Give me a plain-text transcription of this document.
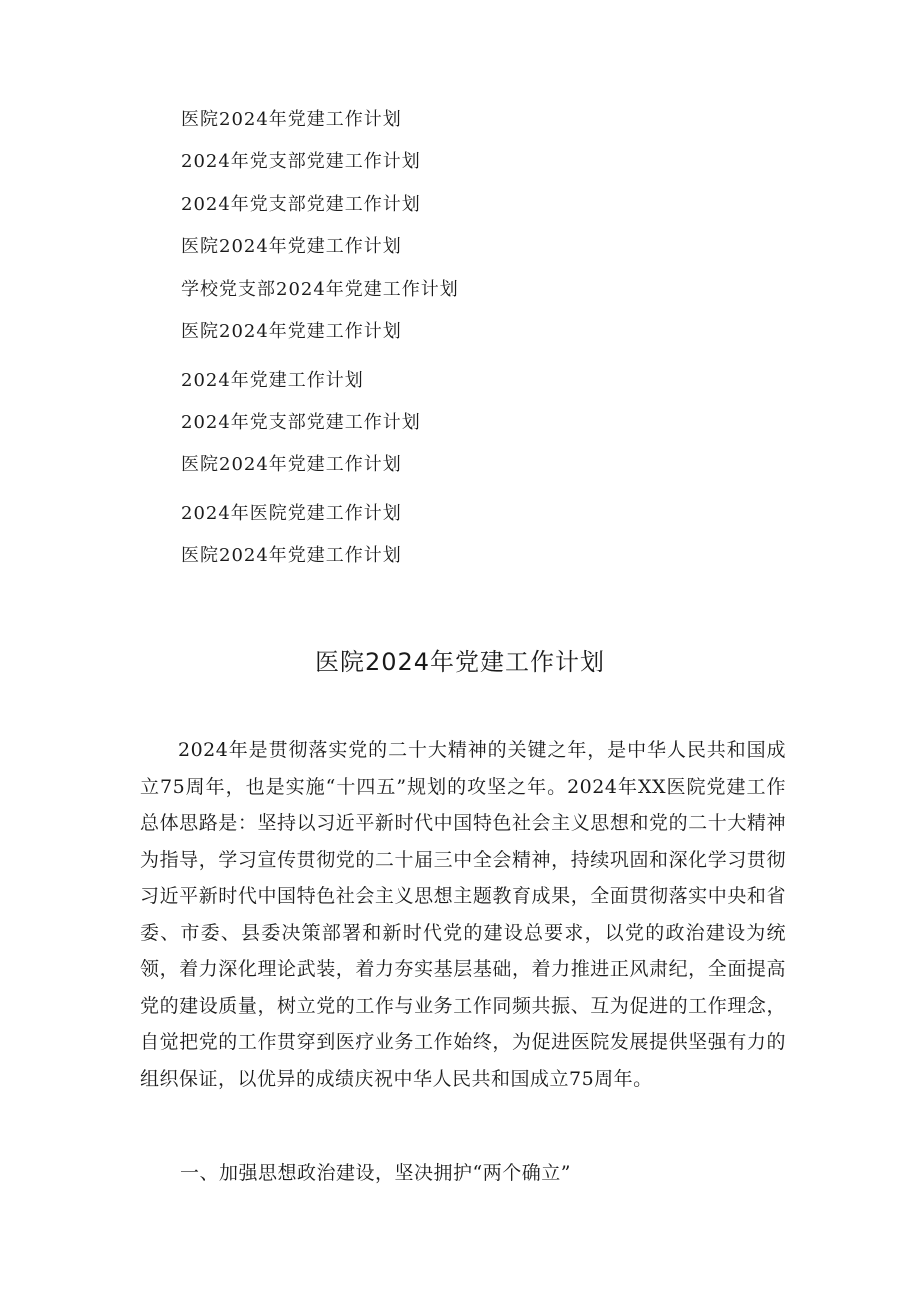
医院2024年党建工作计划
2024年党支部党建工作计划
2024年党支部党建工作计划
医院2024年党建工作计划
学校党支部2024年党建工作计划
医院2024年党建工作计划
2024年党建工作计划
2024年党支部党建工作计划
医院2024年党建工作计划
2024年医院党建工作计划
医院2024年党建工作计划
医院2024年党建工作计划

2024年是贯彻落实党的二十大精神的关键之年，是中华人民共和国成立75周年，也是实施“十四五”规划的攻坚之年。2024年XX医院党建工作总体思路是：坚持以习近平新时代中国特色社会主义思想和党的二十大精神为指导，学习宣传贯彻党的二十届三中全会精神，持续巩固和深化学习贯彻习近平新时代中国特色社会主义思想主题教育成果，全面贯彻落实中央和省委、市委、县委决策部署和新时代党的建设总要求，以党的政治建设为统领，着力深化理论武装，着力夯实基层基础，着力推进正风肃纪，全面提高党的建设质量，树立党的工作与业务工作同频共振、互为促进的工作理念，自觉把党的工作贯穿到医疗业务工作始终，为促进医院发展提供坚强有力的组织保证，以优异的成绩庆祝中华人民共和国成立75周年。

一、加强思想政治建设，坚决拥护“两个确立”
